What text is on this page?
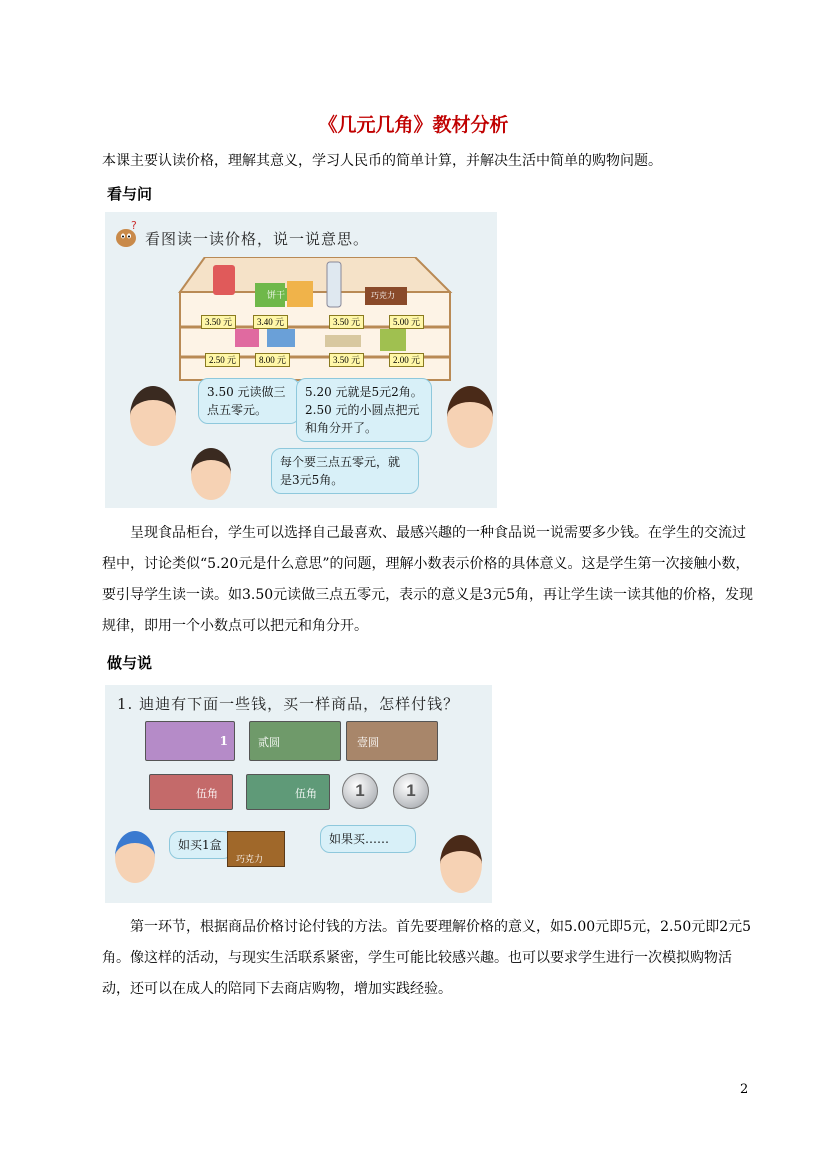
《几元几角》教材分析
本课主要认读价格，理解其意义，学习人民币的简单计算，并解决生活中简单的购物问题。
看与问
?
看图读一读价格，说一说意思。
饼干	巧克力
3.50 元	3.40 元	3.50 元	5.00 元
2.50 元	8.00 元	3.50 元	2.00 元
3.50 元读做三点五零元。
5.20 元就是5元2角。2.50 元的小圆点把元和角分开了。
每个要三点五零元，就是3元5角。
呈现食品柜台，学生可以选择自己最喜欢、最感兴趣的一种食品说一说需要多少钱。在学生的交流过程中，讨论类似“5.20元是什么意思”的问题，理解小数表示价格的具体意义。这是学生第一次接触小数，要引导学生读一读。如3.50元读做三点五零元，表示的意义是3元5角，再让学生读一读其他的价格，发现规律，即用一个小数点可以把元和角分开。
做与说
1. 迪迪有下面一些钱，买一样商品，怎样付钱？
1	贰圆	壹圆
伍角	伍角	1	1
如买1盒
巧克力
如果买……
第一环节，根据商品价格讨论付钱的方法。首先要理解价格的意义，如5.00元即5元，2.50元即2元5角。像这样的活动，与现实生活联系紧密，学生可能比较感兴趣。也可以要求学生进行一次模拟购物活动，还可以在成人的陪同下去商店购物，增加实践经验。
2
